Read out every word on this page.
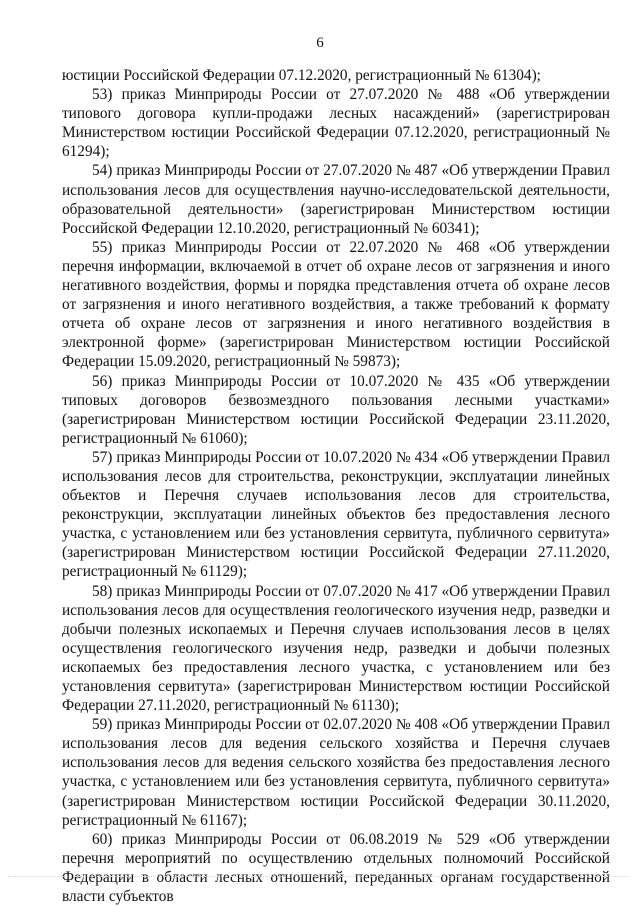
6

юстиции Российской Федерации 07.12.2020, регистрационный № 61304);

53) приказ Минприроды России от 27.07.2020 № 488 «Об утверждении типового договора купли-продажи лесных насаждений» (зарегистрирован Министерством юстиции Российской Федерации 07.12.2020, регистрационный № 61294);

54) приказ Минприроды России от 27.07.2020 № 487 «Об утверждении Правил использования лесов для осуществления научно-исследовательской деятельности, образовательной деятельности» (зарегистрирован Министерством юстиции Российской Федерации 12.10.2020, регистрационный № 60341);

55) приказ Минприроды России от 22.07.2020 № 468 «Об утверждении перечня информации, включаемой в отчет об охране лесов от загрязнения и иного негативного воздействия, формы и порядка представления отчета об охране лесов от загрязнения и иного негативного воздействия, а также требований к формату отчета об охране лесов от загрязнения и иного негативного воздействия в электронной форме» (зарегистрирован Министерством юстиции Российской Федерации 15.09.2020, регистрационный № 59873);

56) приказ Минприроды России от 10.07.2020 № 435 «Об утверждении типовых договоров безвозмездного пользования лесными участками» (зарегистрирован Министерством юстиции Российской Федерации 23.11.2020, регистрационный № 61060);

57) приказ Минприроды России от 10.07.2020 № 434 «Об утверждении Правил использования лесов для строительства, реконструкции, эксплуатации линейных объектов и Перечня случаев использования лесов для строительства, реконструкции, эксплуатации линейных объектов без предоставления лесного участка, с установлением или без установления сервитута, публичного сервитута» (зарегистрирован Министерством юстиции Российской Федерации 27.11.2020, регистрационный № 61129);

58) приказ Минприроды России от 07.07.2020 № 417 «Об утверждении Правил использования лесов для осуществления геологического изучения недр, разведки и добычи полезных ископаемых и Перечня случаев использования лесов в целях осуществления геологического изучения недр, разведки и добычи полезных ископаемых без предоставления лесного участка, с установлением или без установления сервитута» (зарегистрирован Министерством юстиции Российской Федерации 27.11.2020, регистрационный № 61130);

59) приказ Минприроды России от 02.07.2020 № 408 «Об утверждении Правил использования лесов для ведения сельского хозяйства и Перечня случаев использования лесов для ведения сельского хозяйства без предоставления лесного участка, с установлением или без установления сервитута, публичного сервитута» (зарегистрирован Министерством юстиции Российской Федерации 30.11.2020, регистрационный № 61167);

60) приказ Минприроды России от 06.08.2019 № 529 «Об утверждении перечня мероприятий по осуществлению отдельных полномочий Российской Федерации в области лесных отношений, переданных органам государственной власти субъектов
